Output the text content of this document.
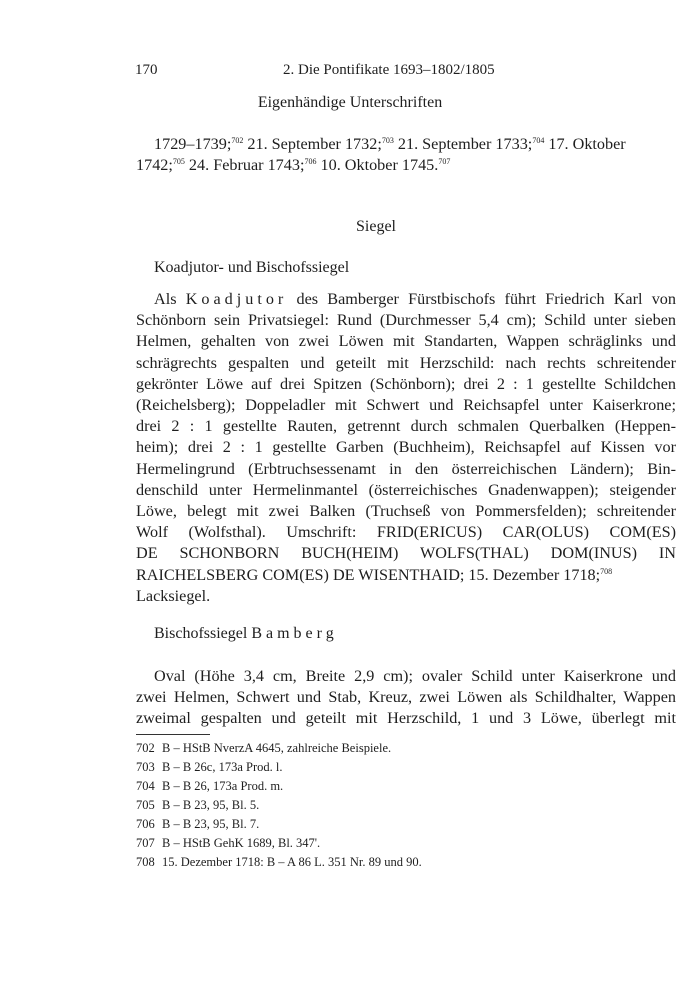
170	2. Die Pontifikate 1693–1802/1805
Eigenhändige Unterschriften
1729–1739;$^{702}$ 21. September 1732;$^{703}$ 21. September 1733;$^{704}$ 17. Oktober
1742;$^{705}$ 24. Februar 1743;$^{706}$ 10. Oktober 1745.$^{707}$
Siegel
Koadjutor- und Bischofssiegel
Als Koadjutor des Bamberger Fürstbischofs führt Friedrich Karl von
Schönborn sein Privatsiegel: Rund (Durchmesser 5,4 cm); Schild unter sieben
Helmen, gehalten von zwei Löwen mit Standarten, Wappen schräglinks und
schrägrechts gespalten und geteilt mit Herzschild: nach rechts schreitender
gekrönter Löwe auf drei Spitzen (Schönborn); drei 2 : 1 gestellte Schildchen
(Reichelsberg); Doppeladler mit Schwert und Reichsapfel unter Kaiserkrone;
drei 2 : 1 gestellte Rauten, getrennt durch schmalen Querbalken (Heppen-
heim); drei 2 : 1 gestellte Garben (Buchheim), Reichsapfel auf Kissen vor
Hermelingrund (Erbtruchsessenamt in den österreichischen Ländern); Bin-
denschild unter Hermelinmantel (österreichisches Gnadenwappen); steigender
Löwe, belegt mit zwei Balken (Truchseß von Pommersfelden); schreitender
Wolf (Wolfsthal). Umschrift: FRID(ERICUS) CAR(OLUS) COM(ES)
DE SCHONBORN BUCH(HEIM) WOLFS(THAL) DOM(INUS) IN
RAICHELSBERG COM(ES) DE WISENTHAID; 15. Dezember 1718;$^{708}$
Lacksiegel.
Bischofssiegel Bamberg
Oval (Höhe 3,4 cm, Breite 2,9 cm); ovaler Schild unter Kaiserkrone und
zwei Helmen, Schwert und Stab, Kreuz, zwei Löwen als Schildhalter, Wappen
zweimal gespalten und geteilt mit Herzschild, 1 und 3 Löwe, überlegt mit
702 B – HStB NverzA 4645, zahlreiche Beispiele.
703 B – B 26c, 173a Prod. l.
704 B – B 26, 173a Prod. m.
705 B – B 23, 95, Bl. 5.
706 B – B 23, 95, Bl. 7.
707 B – HStB GehK 1689, Bl. 347'.
708 15. Dezember 1718: B – A 86 L. 351 Nr. 89 und 90.
